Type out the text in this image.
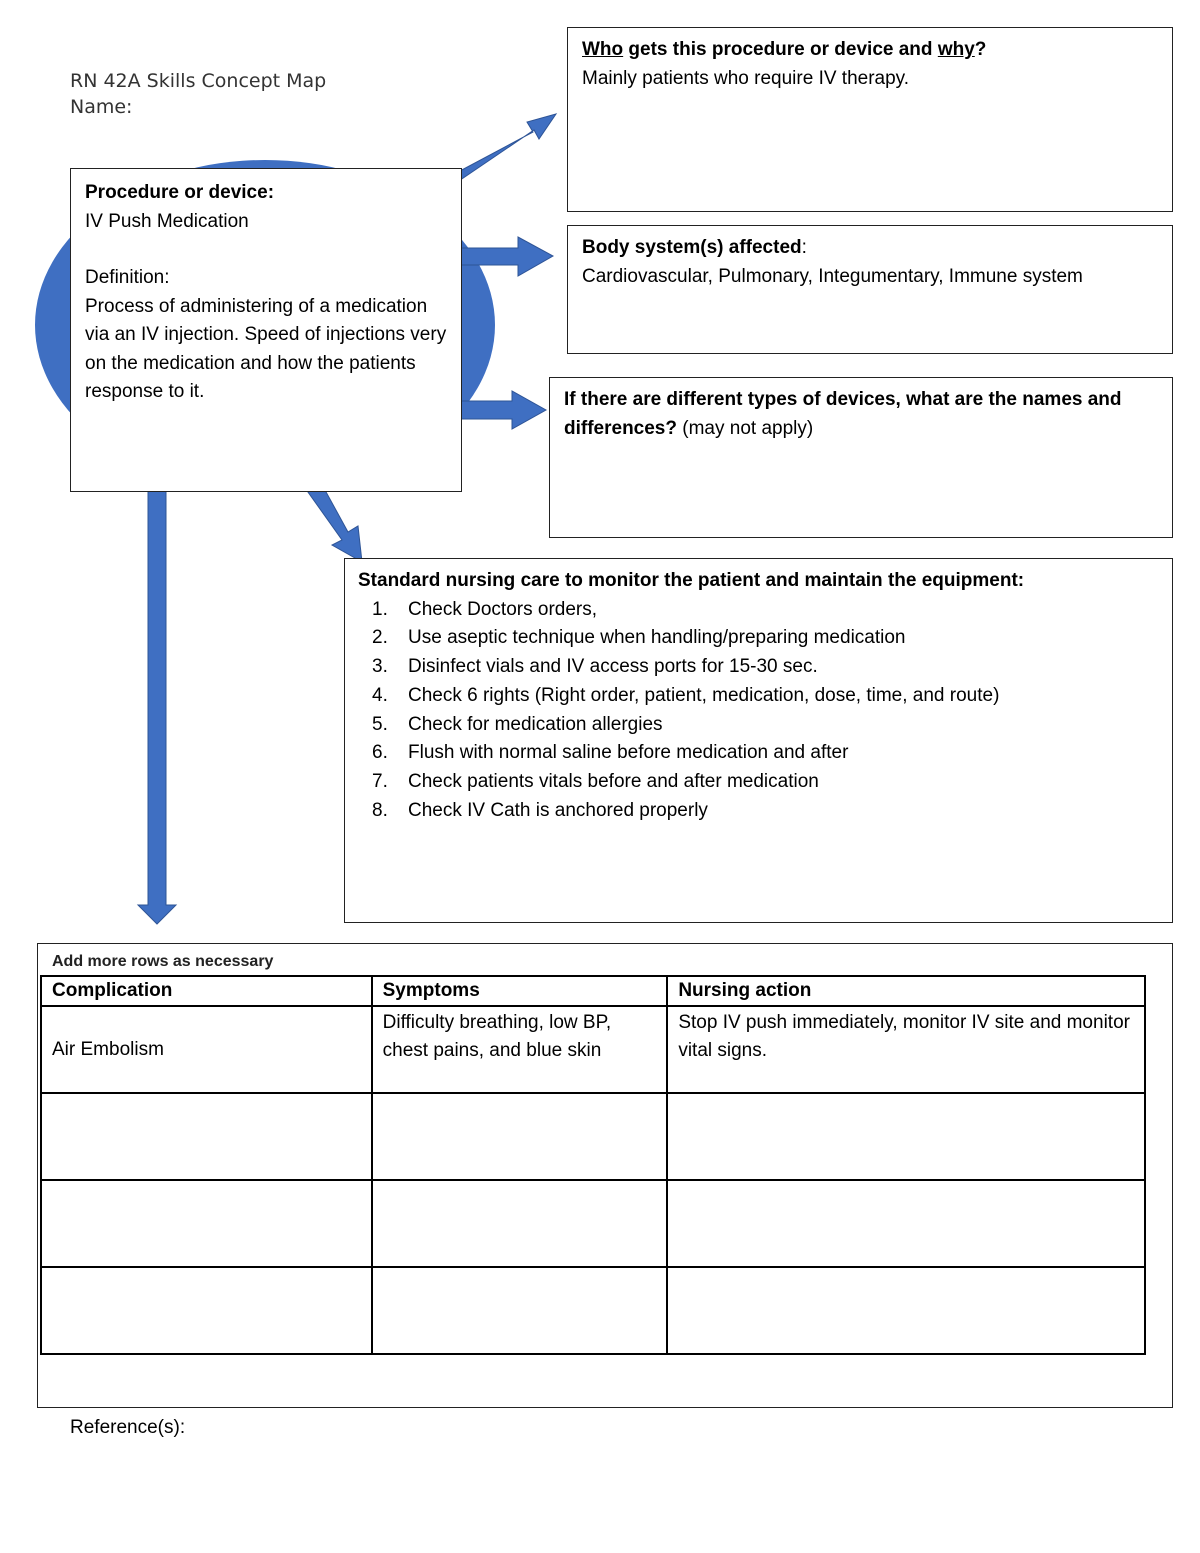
RN 42A Skills Concept Map
Name:
Procedure or device:
IV Push Medication
Definition:
Process of administering of a medication via an IV injection. Speed of injections very on the medication and how the patients response to it.
Who gets this procedure or device and why?
Mainly patients who require IV therapy.
Body system(s) affected:
Cardiovascular, Pulmonary, Integumentary, Immune system
If there are different types of devices, what are the names and differences? (may not apply)
Standard nursing care to monitor the patient and maintain the equipment:
1.	Check Doctors orders,
2.	Use aseptic technique when handling/preparing medication
3.	Disinfect vials and IV access ports for 15-30 sec.
4.	Check 6 rights (Right order, patient, medication, dose, time, and route)
5.	Check for medication allergies
6.	Flush with normal saline before medication and after
7.	Check patients vitals before and after medication
8.	Check IV Cath is anchored properly
Add more rows as necessary
Complication	Symptoms	Nursing action
Air Embolism	Difficulty breathing, low BP, chest pains, and blue skin	Stop IV push immediately, monitor IV site and monitor vital signs.

Reference(s):
